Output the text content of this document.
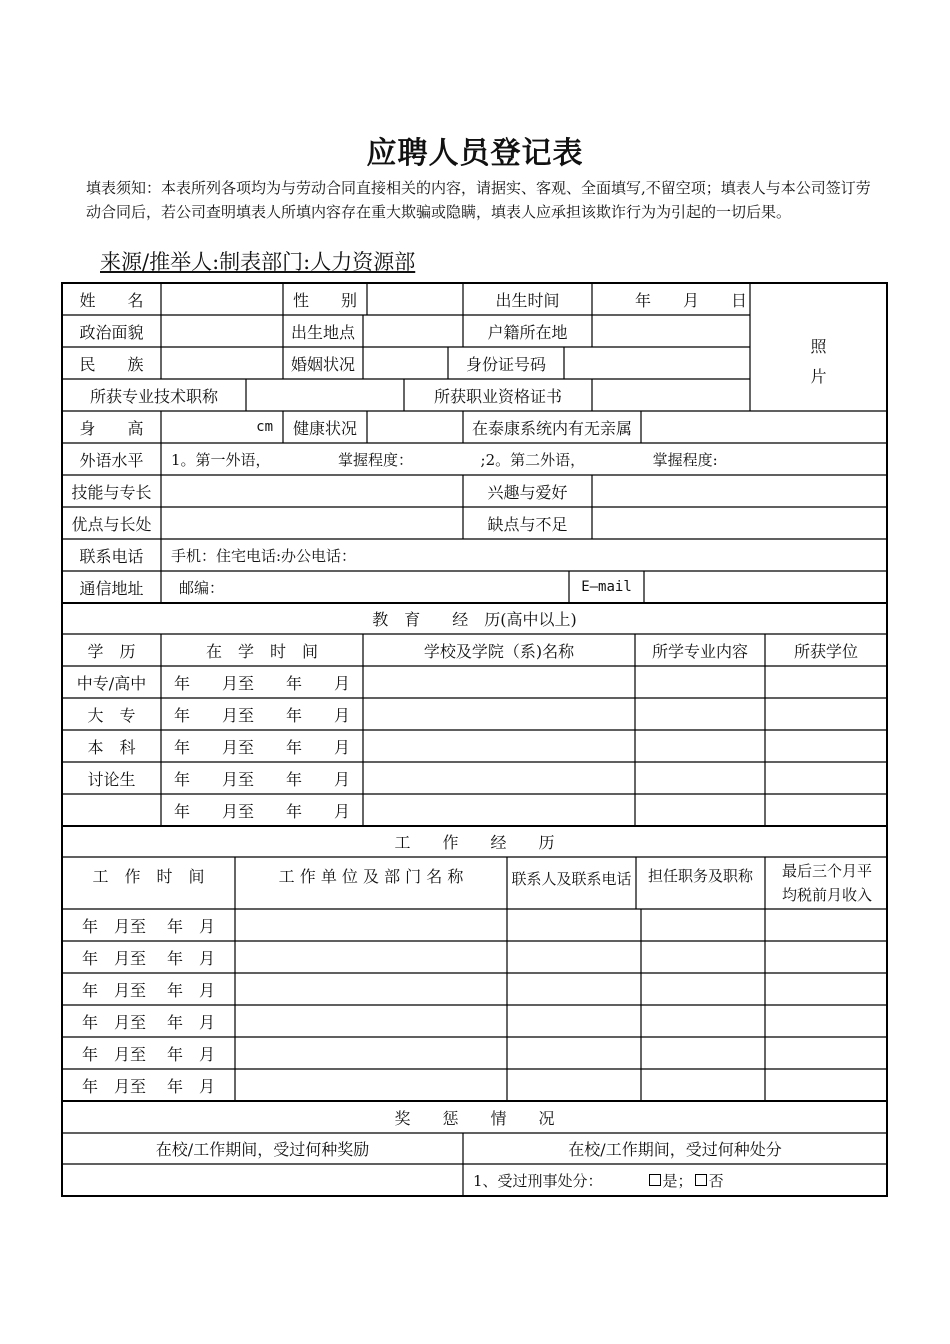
应聘人员登记表
填表须知：本表所列各项均为与劳动合同直接相关的内容，请据实、客观、全面填写,不留空项；填表人与本公司签订劳动合同后，若公司查明填表人所填内容存在重大欺骗或隐瞒，填表人应承担该欺诈行为为引起的一切后果。
来源/推举人:制表部门:人力资源部
姓　　名	性　　别	出生时间	年　　月　　日
照
片
政治面貌	出生地点	户籍所在地
民　　族	婚姻状况	身份证号码
所获专业技术职称	所获职业资格证书
身　　高	cm	健康状况	在泰康系统内有无亲属
外语水平	1。第一外语，　　　　　掌握程度：　　　　　;2。第二外语，　　　　　掌握程度:
技能与专长	兴趣与爱好
优点与长处	缺点与不足
联系电话	手机：住宅电话:办公电话：
通信地址	邮编：	E—mail
教　育　　经　历(高中以上)
学　历	在　学　时　间	学校及学院（系)名称	所学专业内容	所获学位
中专/高中	年　　月至　　年　　月
大　专	年　　月至　　年　　月
本　科	年　　月至　　年　　月
讨论生	年　　月至　　年　　月
年　　月至　　年　　月
工　　作　　经　　历
工　作　时　间	工 作 单 位 及 部 门 名 称	联系人及联系电话	担任职务及职称	最后三个月平均税前月收入
年　月至　 年　月
年　月至　 年　月
年　月至　 年　月
年　月至　 年　月
年　月至　 年　月
年　月至　 年　月
奖　　惩　　情　　况
在校/工作期间，受过何种奖励	在校/工作期间，受过何种处分
1、受过刑事处分：	是； 否
